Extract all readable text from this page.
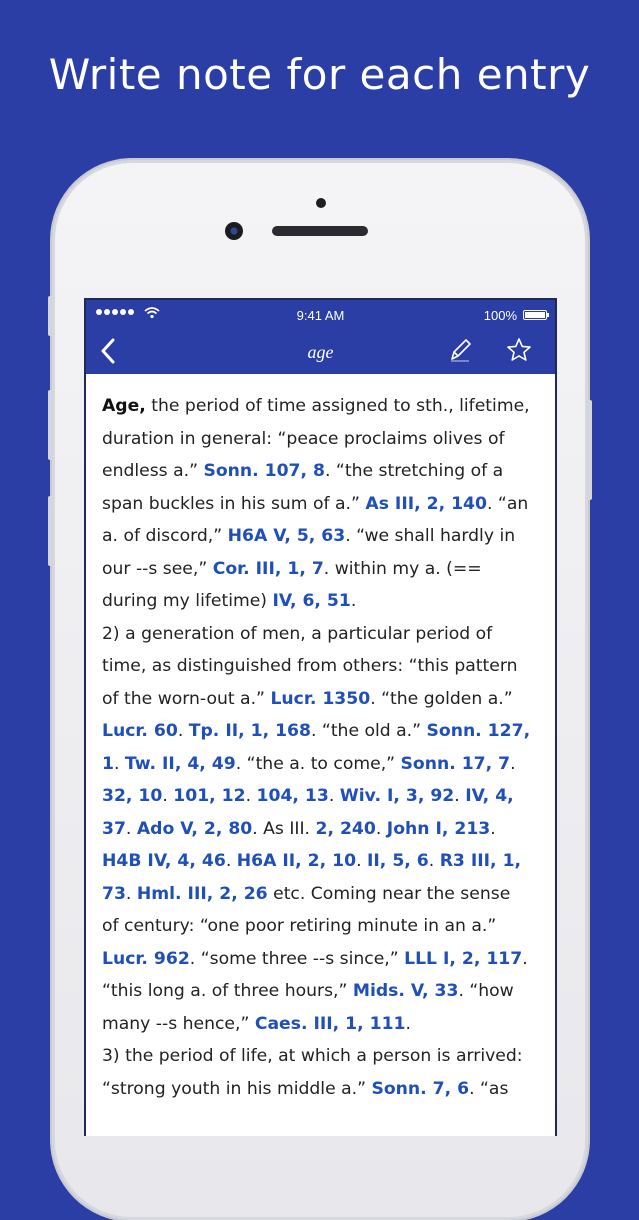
Write note for each entry
9:41 AM	100%
age

Age, the period of time assigned to sth., lifetime, duration in general: “peace proclaims olives of endless a.” Sonn. 107, 8. “the stretching of a span buckles in his sum of a.” As III, 2, 140. “an a. of discord,” H6A V, 5, 63. “we shall hardly in our --s see,” Cor. III, 1, 7. within my a. (== during my lifetime) IV, 6, 51.

2) a generation of men, a particular period of time, as distinguished from others: “this pattern of the worn-out a.” Lucr. 1350. “the golden a.” Lucr. 60. Tp. II, 1, 168. “the old a.” Sonn. 127, 1. Tw. II, 4, 49. “the a. to come,” Sonn. 17, 7. 32, 10. 101, 12. 104, 13. Wiv. I, 3, 92. IV, 4, 37. Ado V, 2, 80. As III. 2, 240. John I, 213. H4B IV, 4, 46. H6A II, 2, 10. II, 5, 6. R3 III, 1, 73. Hml. III, 2, 26 etc. Coming near the sense of century: “one poor retiring minute in an a.” Lucr. 962. “some three --s since,” LLL I, 2, 117. “this long a. of three hours,” Mids. V, 33. “how many --s hence,” Caes. III, 1, 111.

3) the period of life, at which a person is arrived: “strong youth in his middle a.” Sonn. 7, 6. “as
